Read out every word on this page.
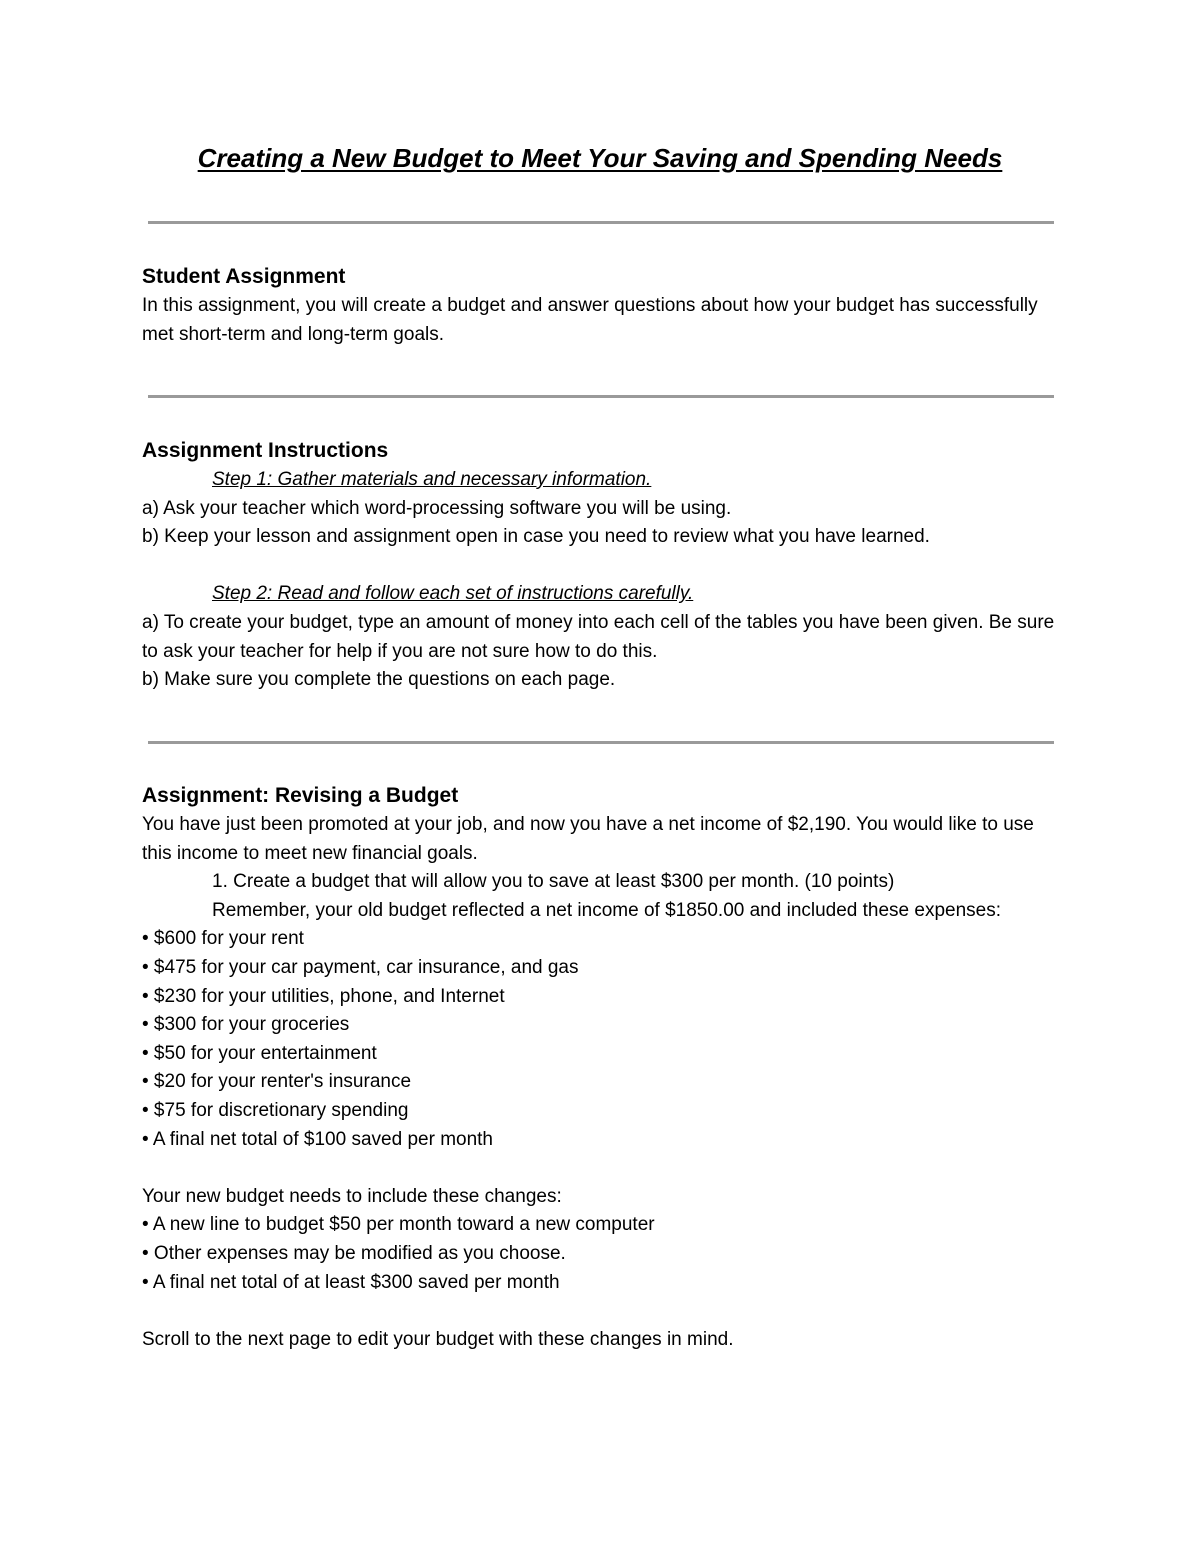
Creating a New Budget to Meet Your Saving and Spending Needs

Student Assignment

In this assignment, you will create a budget and answer questions about how your budget has successfully met short-term and long-term goals.

Assignment Instructions

Step 1: Gather materials and necessary information.

a) Ask your teacher which word-processing software you will be using.

b) Keep your lesson and assignment open in case you need to review what you have learned.

Step 2: Read and follow each set of instructions carefully.

a) To create your budget, type an amount of money into each cell of the tables you have been given. Be sure to ask your teacher for help if you are not sure how to do this.

b) Make sure you complete the questions on each page.

Assignment: Revising a Budget

You have just been promoted at your job, and now you have a net income of $2,190. You would like to use this income to meet new financial goals.

1. Create a budget that will allow you to save at least $300 per month. (10 points)

Remember, your old budget reflected a net income of $1850.00 and included these expenses:

• $600 for your rent

• $475 for your car payment, car insurance, and gas

• $230 for your utilities, phone, and Internet

• $300 for your groceries

• $50 for your entertainment

• $20 for your renter's insurance

• $75 for discretionary spending

• A final net total of $100 saved per month

Your new budget needs to include these changes:

• A new line to budget $50 per month toward a new computer

• Other expenses may be modified as you choose.

• A final net total of at least $300 saved per month

Scroll to the next page to edit your budget with these changes in mind.
